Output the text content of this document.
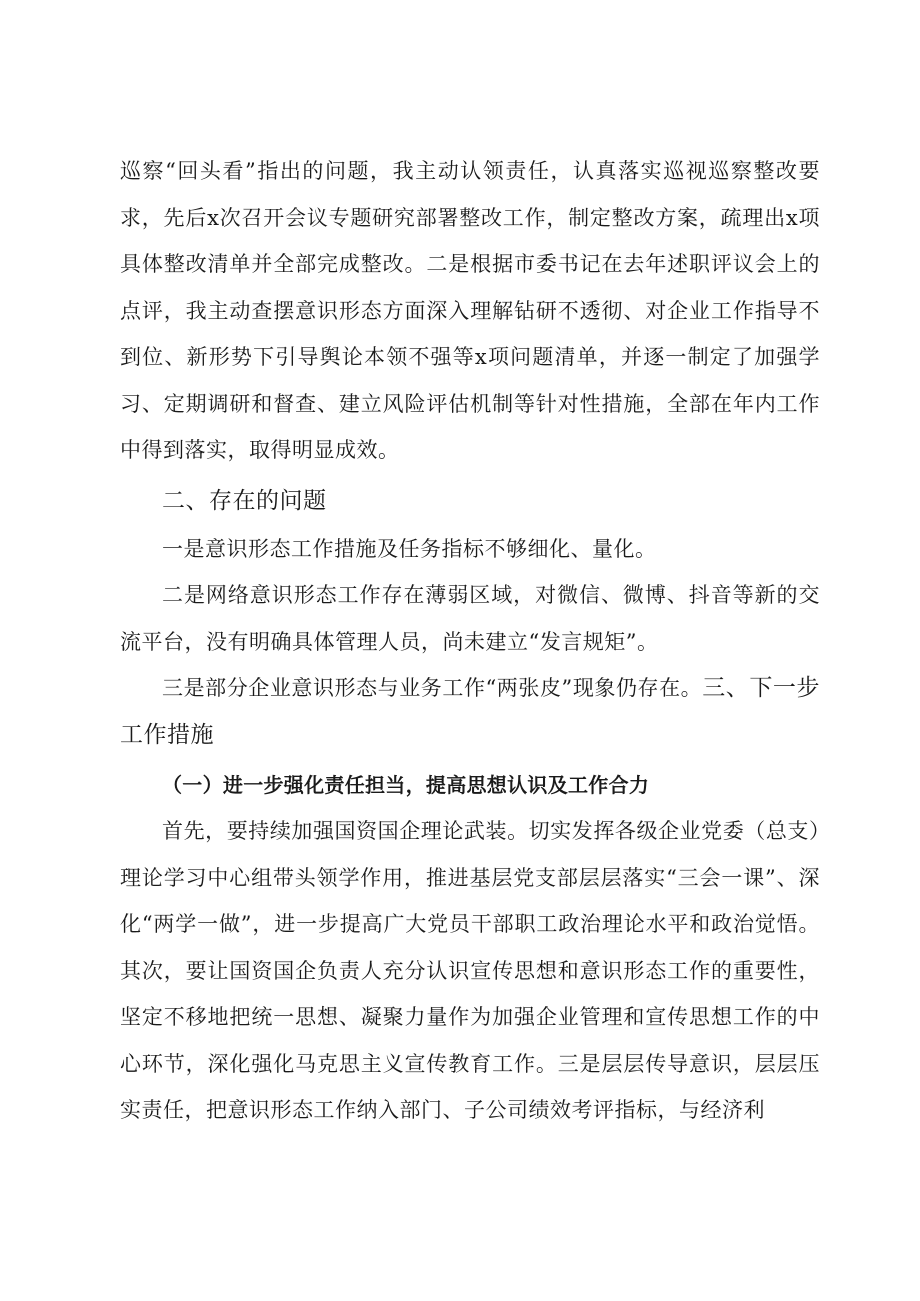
巡察“回头看”指出的问题，我主动认领责任，认真落实巡视巡察整改要求，先后x次召开会议专题研究部署整改工作，制定整改方案，疏理出x项具体整改清单并全部完成整改。二是根据市委书记在去年述职评议会上的点评，我主动查摆意识形态方面深入理解钻研不透彻、对企业工作指导不到位、新形势下引导舆论本领不强等x项问题清单，并逐一制定了加强学习、定期调研和督查、建立风险评估机制等针对性措施，全部在年内工作中得到落实，取得明显成效。

二、存在的问题

一是意识形态工作措施及任务指标不够细化、量化。

二是网络意识形态工作存在薄弱区域，对微信、微博、抖音等新的交流平台，没有明确具体管理人员，尚未建立“发言规矩”。

三是部分企业意识形态与业务工作“两张皮”现象仍存在。三、下一步工作措施

（一）进一步强化责任担当，提高思想认识及工作合力

首先，要持续加强国资国企理论武装。切实发挥各级企业党委（总支）理论学习中心组带头领学作用，推进基层党支部层层落实“三会一课”、深化“两学一做”，进一步提高广大党员干部职工政治理论水平和政治觉悟。其次，要让国资国企负责人充分认识宣传思想和意识形态工作的重要性，坚定不移地把统一思想、凝聚力量作为加强企业管理和宣传思想工作的中心环节，深化强化马克思主义宣传教育工作。三是层层传导意识，层层压实责任，把意识形态工作纳入部门、子公司绩效考评指标，与经济利
